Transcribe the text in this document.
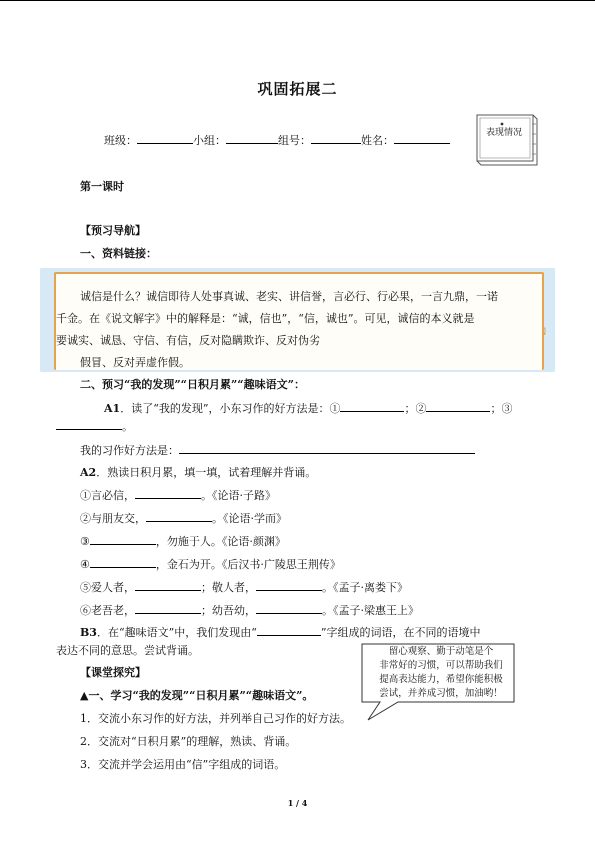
巩固拓展二
班级：	小组：	组号：	姓名：
表现情况
第一课时
【预习导航】
一、资料链接：
诚信是什么？诚信即待人处事真诚、老实、讲信誉，言必行、行必果，一言九鼎，一诺
千金。在《说文解字》中的解释是：“诚，信也”，“信，诚也”。可见，诚信的本义就是
要诚实、诚恳、守信、有信，反对隐瞒欺诈、反对伪劣
假冒、反对弄虚作假。
二、预习“我的发现”“日积月累”“趣味语文”：
A1．读了“我的发现”，小东习作的好方法是：①	；②	；③
。
我的习作好方法是：
A2．熟读日积月累，填一填，试着理解并背诵。
①言必信，	。《论语·子路》
②与朋友交，	。《论语·学而》
③	，勿施于人。《论语·颜渊》
④	，金石为开。《后汉书·广陵思王荆传》
⑤爱人者，	；敬人者，	。《孟子·离娄下》
⑥老吾老，	；幼吾幼，	。《孟子·梁惠王上》
B3．在“趣味语文”中，我们发现由“	”字组成的词语，在不同的语境中
表达不同的意思。尝试背诵。
【课堂探究】
▲一、学习“我的发现”“日积月累”“趣味语文”。
1．交流小东习作的好方法，并列举自己习作的好方法。
2．交流对“日积月累”的理解，熟读、背诵。
3．交流并学会运用由“信”字组成的词语。
留心观察、勤于动笔是个
非常好的习惯，可以帮助我们
提高表达能力，希望你能积极
尝试，并养成习惯，加油哟！
1 / 4
